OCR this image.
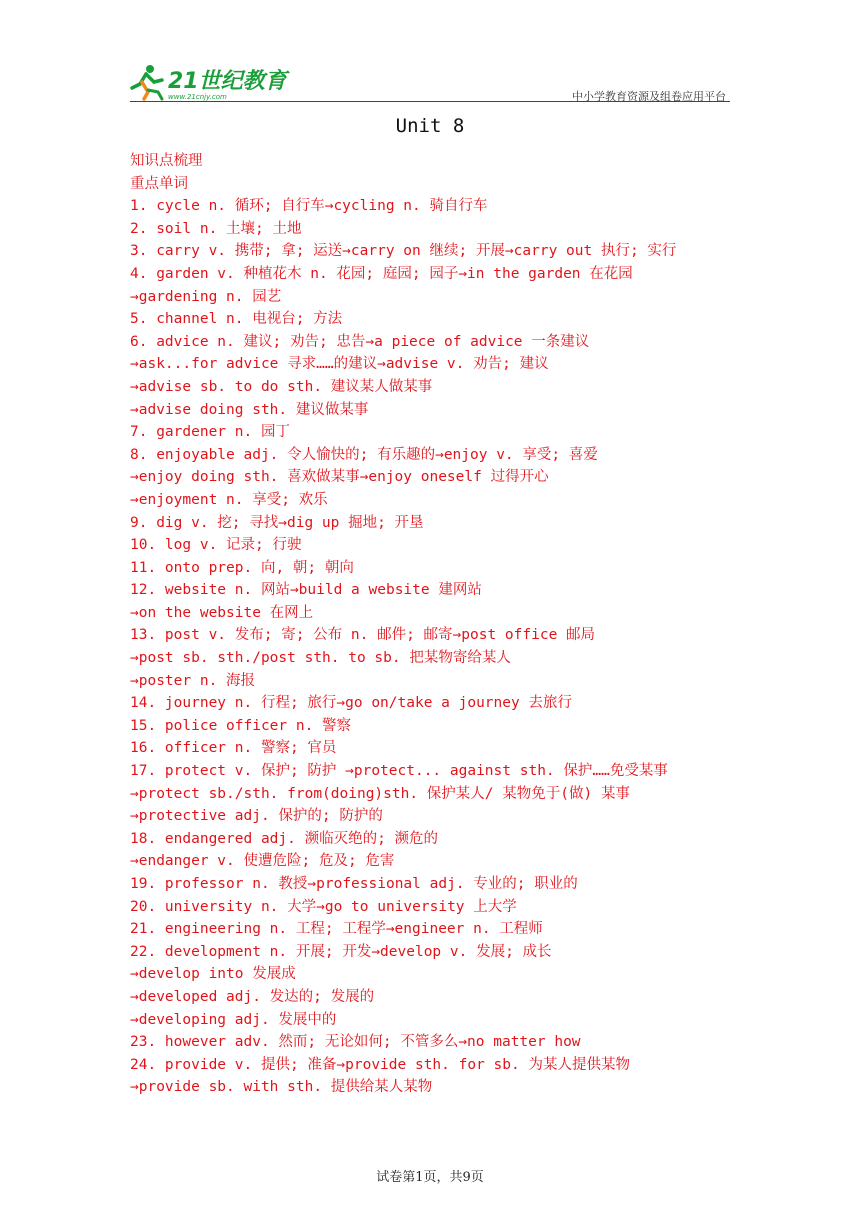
21世纪教育
www.21cnjy.com	中小学教育资源及组卷应用平台
Unit 8
知识点梳理
重点单词
1. cycle n. 循环; 自行车→cycling n. 骑自行车
2. soil n. 土壤; 土地
3. carry v. 携带; 拿; 运送→carry on 继续; 开展→carry out 执行; 实行
4. garden v. 种植花木 n. 花园; 庭园; 园子→in the garden 在花园
→gardening n. 园艺
5. channel n. 电视台; 方法
6. advice n. 建议; 劝告; 忠告→a piece of advice 一条建议
→ask...for advice 寻求……的建议→advise v. 劝告; 建议
→advise sb. to do sth. 建议某人做某事
→advise doing sth. 建议做某事
7. gardener n. 园丁
8. enjoyable adj. 令人愉快的; 有乐趣的→enjoy v. 享受; 喜爱
→enjoy doing sth. 喜欢做某事→enjoy oneself 过得开心
→enjoyment n. 享受; 欢乐
9. dig v. 挖; 寻找→dig up 掘地; 开垦
10. log v. 记录; 行驶
11. onto prep. 向, 朝; 朝向
12. website n. 网站→build a website 建网站
→on the website 在网上
13. post v. 发布; 寄; 公布 n. 邮件; 邮寄→post office 邮局
→post sb. sth./post sth. to sb. 把某物寄给某人
→poster n. 海报
14. journey n. 行程; 旅行→go on/take a journey 去旅行
15. police officer n. 警察
16. officer n. 警察; 官员
17. protect v. 保护; 防护 →protect... against sth. 保护……免受某事
→protect sb./sth. from(doing)sth. 保护某人/ 某物免于(做) 某事
→protective adj. 保护的; 防护的
18. endangered adj. 濒临灭绝的; 濒危的
→endanger v. 使遭危险; 危及; 危害
19. professor n. 教授→professional adj. 专业的; 职业的
20. university n. 大学→go to university 上大学
21. engineering n. 工程; 工程学→engineer n. 工程师
22. development n. 开展; 开发→develop v. 发展; 成长
→develop into 发展成
→developed adj. 发达的; 发展的
→developing adj. 发展中的
23. however adv. 然而; 无论如何; 不管多么→no matter how
24. provide v. 提供; 准备→provide sth. for sb. 为某人提供某物
→provide sb. with sth. 提供给某人某物
试卷第1页，共9页
